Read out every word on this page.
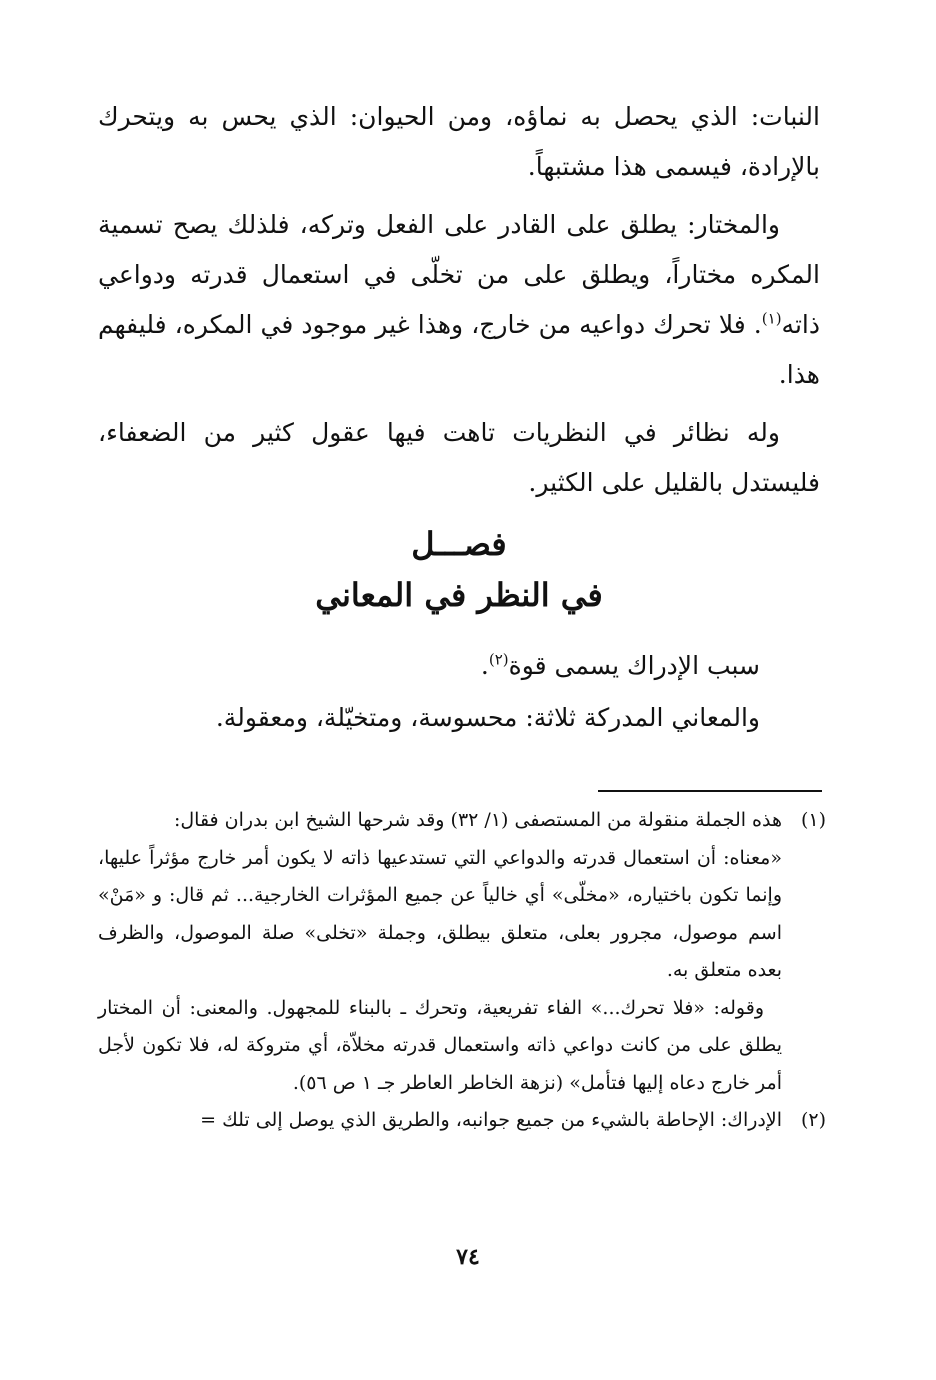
النبات: الذي يحصل به نماؤه، ومن الحيوان: الذي يحس به ويتحرك بالإرادة، فيسمى هذا مشتبهاً.

والمختار: يطلق على القادر على الفعل وتركه، فلذلك يصح تسمية المكره مختاراً، ويطلق على من تخلّى في استعمال قدرته ودواعي ذاته$^{(١)}$. فلا تحرك دواعيه من خارج، وهذا غير موجود في المكره، فليفهم هذا.

وله نظائر في النظريات تاهت فيها عقول كثير من الضعفاء، فليستدل بالقليل على الكثير.

فصـــل
في النظر في المعاني

سبب الإدراك يسمى قوة$^{(٢)}$.

والمعاني المدركة ثلاثة: محسوسة، ومتخيّلة، ومعقولة.

(١)هذه الجملة منقولة من المستصفى (١/ ٣٢) وقد شرحها الشيخ ابن بدران فقال:
«معناه: أن استعمال قدرته والدواعي التي تستدعيها ذاته لا يكون أمر خارج مؤثراً عليها، وإنما تكون باختياره، «مخلّى» أي خالياً عن جميع المؤثرات الخارجية... ثم قال: و «مَنْ» اسم موصول، مجرور بعلى، متعلق بيطلق، وجملة «تخلى» صلة الموصول، والظرف بعده متعلق به.
وقوله: «فلا تحرك...» الفاء تفريعية، وتحرك ـ بالبناء للمجهول. والمعنى: أن المختار يطلق على من كانت دواعي ذاته واستعمال قدرته مخلاّة، أي متروكة له، فلا تكون لأجل أمر خارج دعاه إليها فتأمل» (نزهة الخاطر العاطر جـ ١ ص ٥٦).
(٢)الإدراك: الإحاطة بالشيء من جميع جوانبه، والطريق الذي يوصل إلى تلك =
٧٤
